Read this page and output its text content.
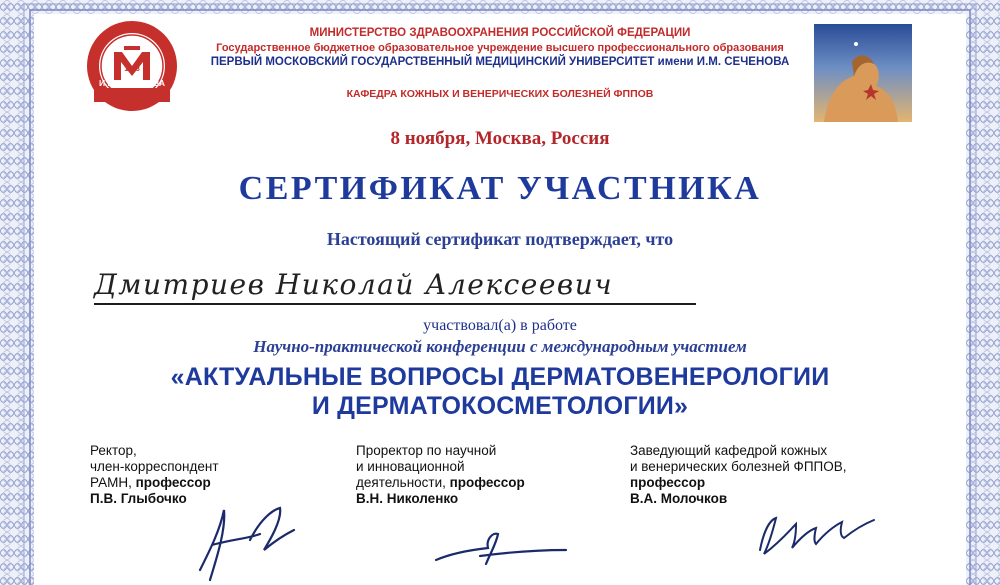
И.М.СЕЧЕНОВА
1758
МИНИСТЕРСТВО ЗДРАВООХРАНЕНИЯ РОССИЙСКОЙ ФЕДЕРАЦИИ
Государственное бюджетное образовательное учреждение высшего профессионального образования
ПЕРВЫЙ МОСКОВСКИЙ ГОСУДАРСТВЕННЫЙ МЕДИЦИНСКИЙ УНИВЕРСИТЕТ имени И.М. СЕЧЕНОВА
КАФЕДРА КОЖНЫХ И ВЕНЕРИЧЕСКИХ БОЛЕЗНЕЙ ФППОВ
8 ноября, Москва, Россия
СЕРТИФИКАТ УЧАСТНИКА
Настоящий сертификат подтверждает, что
Дмитриев Николай Алексеевич
участвовал(а) в работе
Научно-практической конференции с международным участием
«АКТУАЛЬНЫЕ ВОПРОСЫ ДЕРМАТОВЕНЕРОЛОГИИ
И ДЕРМАТОКОСМЕТОЛОГИИ»
Ректор,
член-корреспондент
РАМН, профессор
П.В. Глыбочко
Проректор по научной
и инновационной
деятельности, профессор
В.Н. Николенко
Заведующий кафедрой кожных
и венерических болезней ФППОВ,
профессор
В.А. Молочков
